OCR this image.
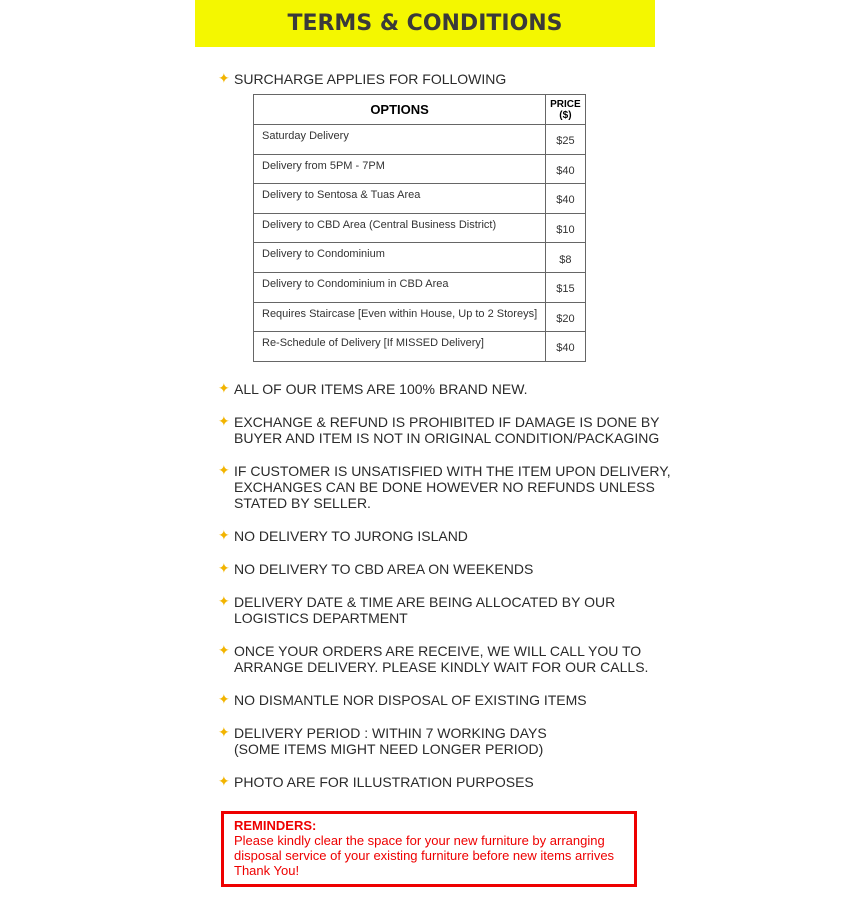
TERMS & CONDITIONS
✦ SURCHARGE APPLIES FOR FOLLOWING
OPTIONS	PRICE
($)
Saturday Delivery	$25
Delivery from 5PM - 7PM	$40
Delivery to Sentosa & Tuas Area	$40
Delivery to CBD Area (Central Business District)	$10
Delivery to Condominium	$8
Delivery to Condominium in CBD Area	$15
Requires Staircase [Even within House, Up to 2 Storeys]	$20
Re-Schedule of Delivery [If MISSED Delivery]	$40
✦ ALL OF OUR ITEMS ARE 100% BRAND NEW.
✦ EXCHANGE & REFUND IS PROHIBITED IF DAMAGE IS DONE BY
BUYER AND ITEM IS NOT IN ORIGINAL CONDITION/PACKAGING
✦ IF CUSTOMER IS UNSATISFIED WITH THE ITEM UPON DELIVERY,
EXCHANGES CAN BE DONE HOWEVER NO REFUNDS UNLESS
STATED BY SELLER.
✦ NO DELIVERY TO JURONG ISLAND
✦ NO DELIVERY TO CBD AREA ON WEEKENDS
✦ DELIVERY DATE & TIME ARE BEING ALLOCATED BY OUR
LOGISTICS DEPARTMENT
✦ ONCE YOUR ORDERS ARE RECEIVE, WE WILL CALL YOU TO
ARRANGE DELIVERY. PLEASE KINDLY WAIT FOR OUR CALLS.
✦ NO DISMANTLE NOR DISPOSAL OF EXISTING ITEMS
✦ DELIVERY PERIOD : WITHIN 7 WORKING DAYS
(SOME ITEMS MIGHT NEED LONGER PERIOD)
✦ PHOTO ARE FOR ILLUSTRATION PURPOSES
REMINDERS:
Please kindly clear the space for your new furniture by arranging
disposal service of your existing furniture before new items arrives
Thank You!
